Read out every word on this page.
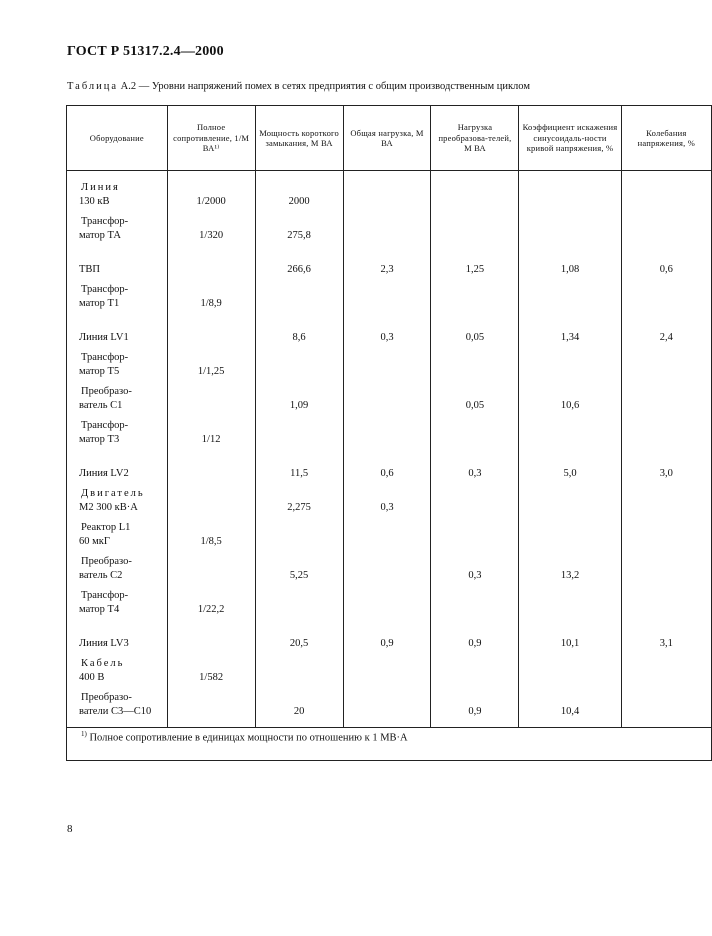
ГОСТ Р 51317.2.4—2000
Таблица А.2 — Уровни напряжений помех в сетях предприятия с общим производственным циклом
Оборудование	Полное сопротивление, 1/М ВА¹⁾	Мощность короткого замыкания, М ВА	Общая нагрузка, М ВА	Нагрузка преобразова-телей, М ВА	Коэффициент искажения синусоидаль-ности кривой напряжения, %	Колебания напряжения, %

Линия
130 кВ	1/2000	2000				

Трансфор-
матор ТА	1/320	275,8				
ТВП		266,6	2,3	1,25	1,08	0,6

Трансфор-
матор Т1	1/8,9					
Линия LV1		8,6	0,3	0,05	1,34	2,4

Трансфор-
матор Т5	1/1,25					

Преобразо-
ватель С1		1,09		0,05	10,6	

Трансфор-
матор Т3	1/12					
Линия LV2		11,5	0,6	0,3	5,0	3,0

Двигатель
М2 300 кВ·А		2,275	0,3			

Реактор L1
60 мкГ	1/8,5					

Преобразо-
ватель С2		5,25		0,3	13,2	

Трансфор-
матор Т4	1/22,2					
Линия LV3		20,5	0,9	0,9	10,1	3,1

Кабель
400 В	1/582					

Преобразо-
ватели С3—С10		20		0,9	10,4	
$^{1)}$ Полное сопротивление в единицах мощности по отношению к 1 МВ·А						
8
